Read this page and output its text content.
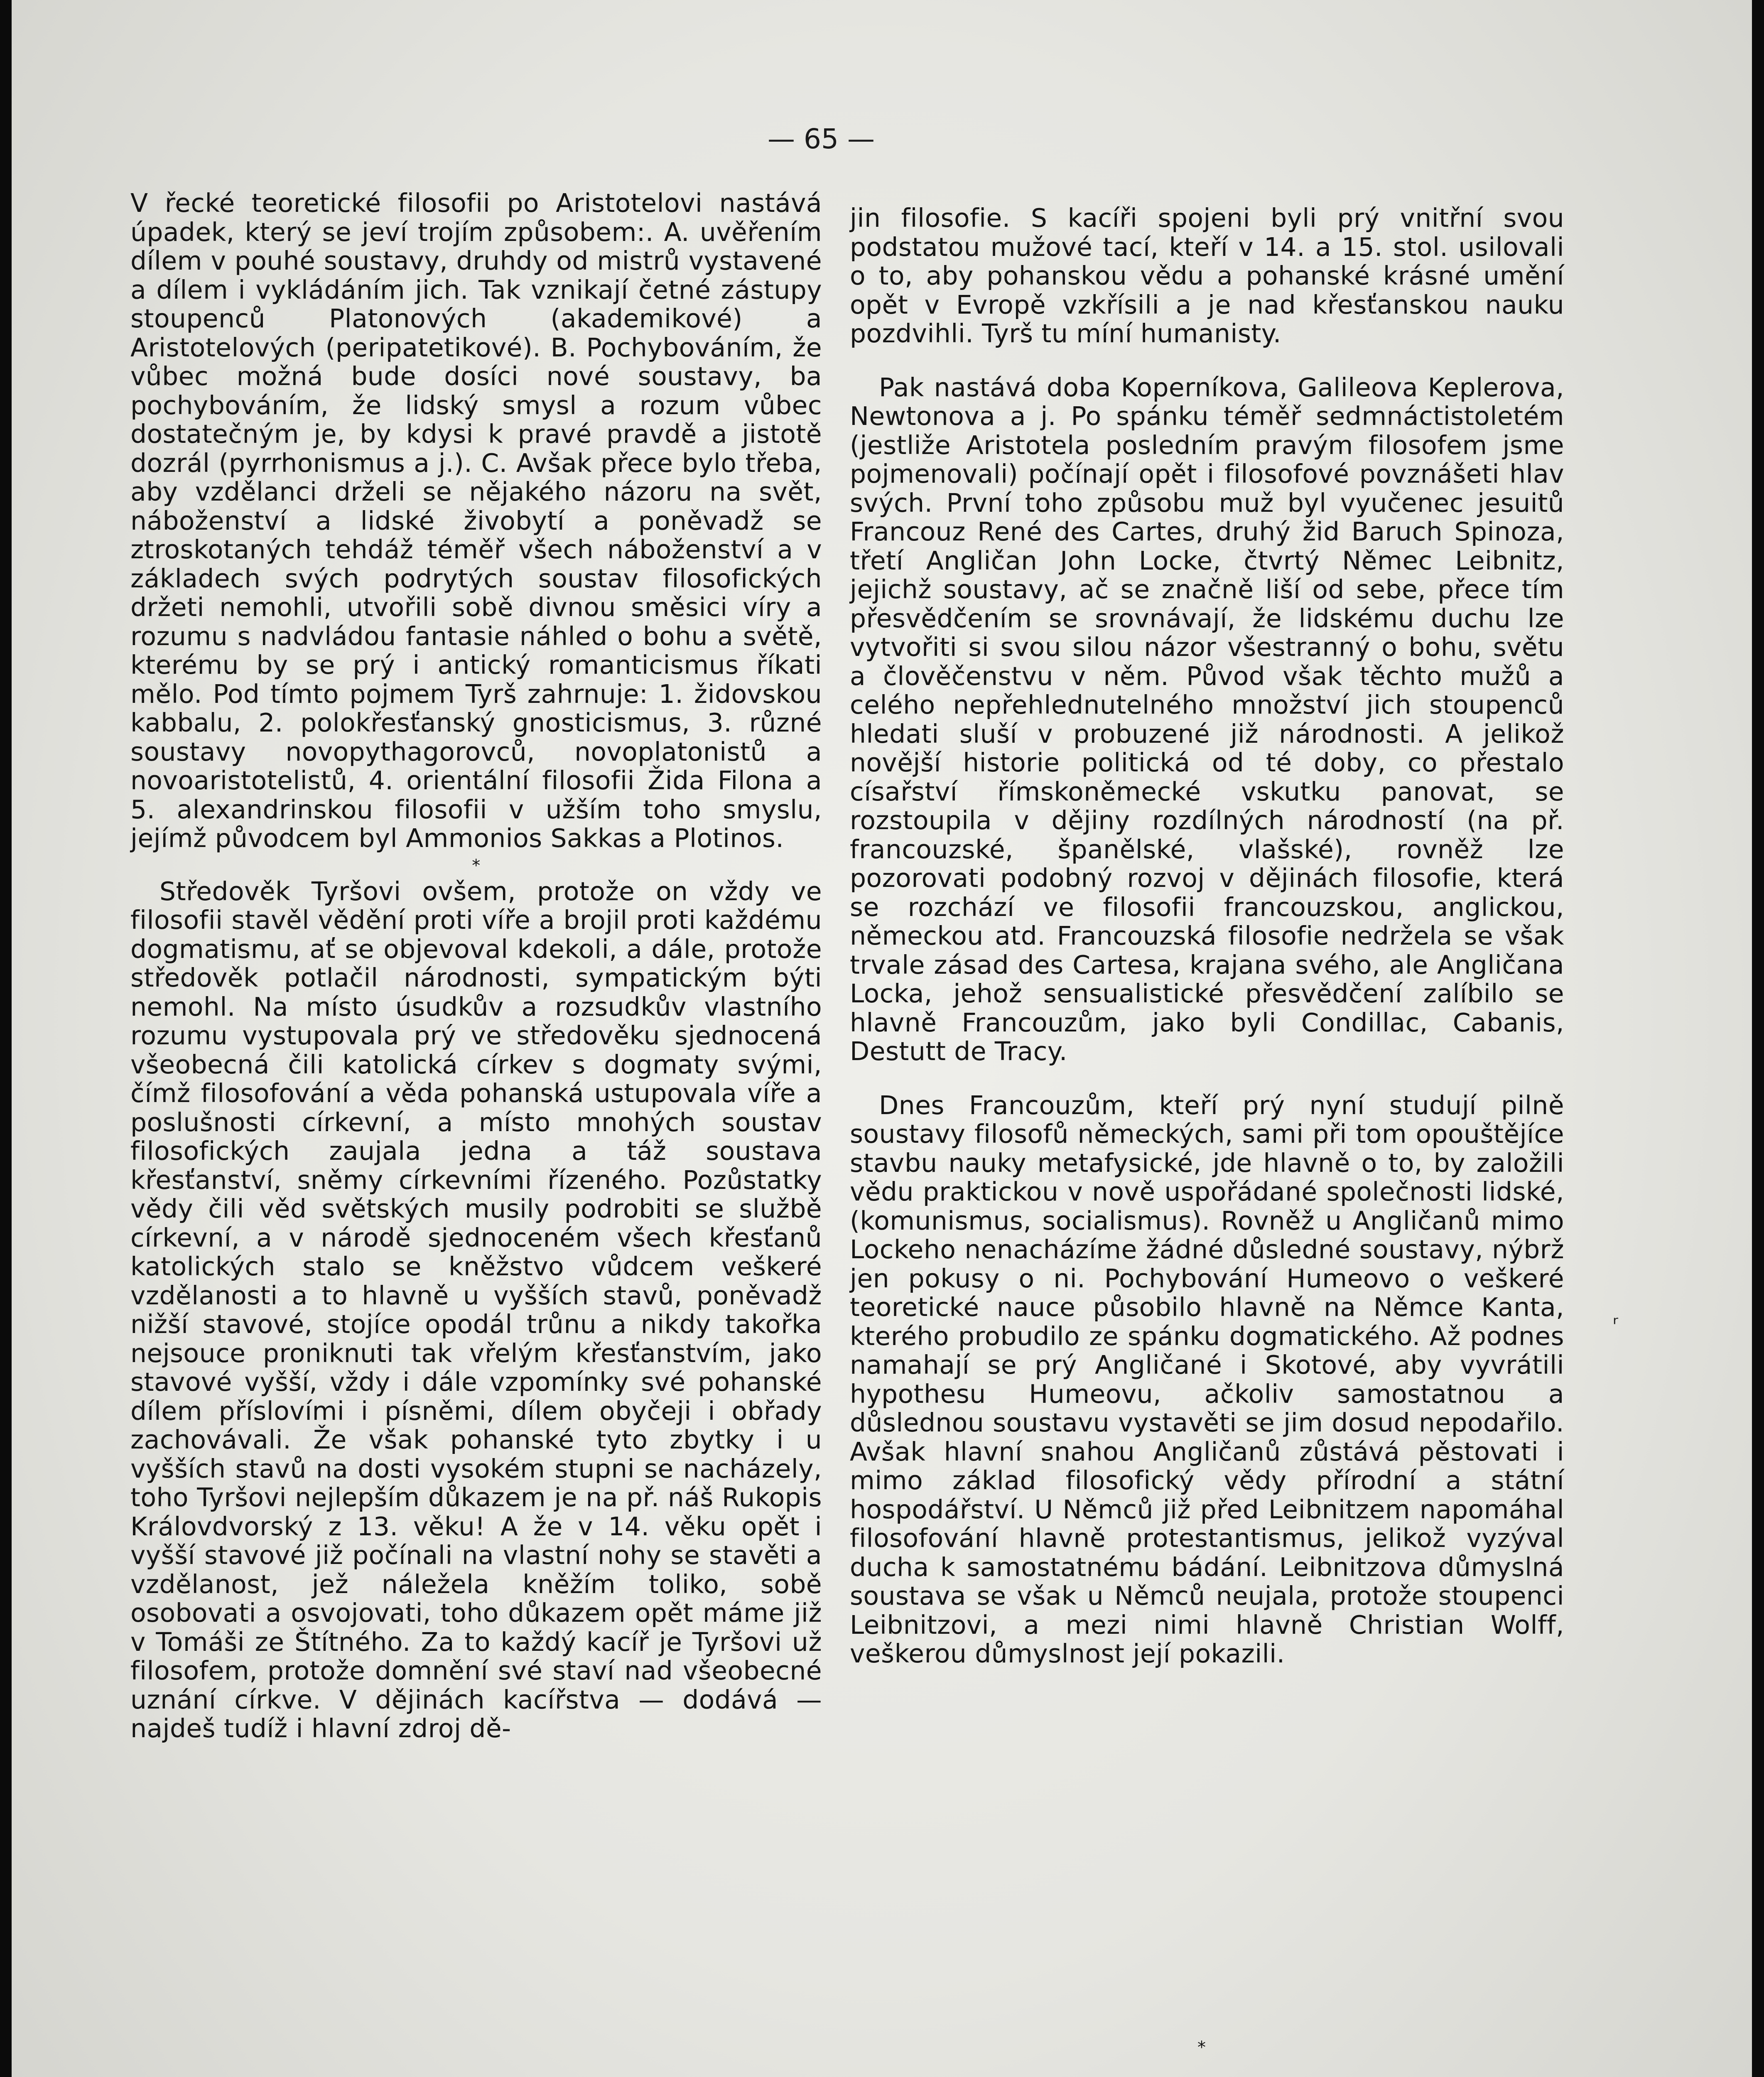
— 65 —

V řecké teoretické filosofii po Aristotelovi nastává úpadek, který se jeví trojím způsobem:. A. uvěřením dílem v pouhé soustavy, druhdy od mistrů vystavené a dílem i vykládáním jich. Tak vznikají četné zástupy stoupenců Platonových (akademikové) a Aristotelových (peripatetikové). B. Pochybováním, že vůbec možná bude dosíci nové soustavy, ba pochybováním, že lidský smysl a rozum vůbec dostatečným je, by kdysi k pravé pravdě a jistotě dozrál (pyrrhonismus a j.). C. Avšak přece bylo třeba, aby vzdělanci drželi se nějakého názoru na svět, náboženství a lidské živobytí a poněvadž se ztroskotaných tehdáž téměř všech náboženství a v základech svých podrytých soustav filosofických držeti nemohli, utvořili sobě divnou směsici víry a rozumu s nadvládou fantasie náhled o bohu a světě, kterému by se prý i antický romanticismus říkati mělo. Pod tímto pojmem Tyrš zahrnuje: 1. židovskou kabbalu, 2. polokřesťanský gnosticismus, 3. různé soustavy novopythagorovců, novoplatonistů a novoaristotelistů, 4. orientální filosofii Žida Filona a 5. alexandrinskou filosofii v užším toho smyslu, jejímž původcem byl Ammonios Sakkas a Plotinos.

*

Středověk Tyršovi ovšem, protože on vždy ve filosofii stavěl vědění proti víře a brojil proti každému dogmatismu, ať se objevoval kdekoli, a dále, protože středověk potlačil národnosti, sympatickým býti nemohl. Na místo úsudkův a rozsudkův vlastního rozumu vystupovala prý ve středověku sjednocená všeobecná čili katolická církev s dogmaty svými, čímž filosofování a věda pohanská ustupovala víře a poslušnosti církevní, a místo mnohých soustav filosofických zaujala jedna a táž soustava křesťanství, sněmy církevními řízeného. Pozůstatky vědy čili věd světských musily podrobiti se službě církevní, a v národě sjednoceném všech křesťanů katolických stalo se kněžstvo vůdcem veškeré vzdělanosti a to hlavně u vyšších stavů, poněvadž nižší stavové, stojíce opodál trůnu a nikdy takořka nejsouce proniknuti tak vřelým křesťanstvím, jako stavové vyšší, vždy i dále vzpomínky své pohanské dílem příslovími i písněmi, dílem obyčeji i obřady zachovávali. Že však pohanské tyto zbytky i u vyšších stavů na dosti vysokém stupni se nacházely, toho Tyršovi nejlepším důkazem je na př. náš Rukopis Královdvorský z 13. věku! A že v 14. věku opět i vyšší stavové již počínali na vlastní nohy se stavěti a vzdělanost, jež náležela kněžím toliko, sobě osobovati a osvojovati, toho důkazem opět máme již v Tomáši ze Štítného. Za to každý kacíř je Tyršovi už filosofem, protože domnění své staví nad všeobecné uznání církve. V dějinách kacířstva — dodává — najdeš tudíž i hlavní zdroj dě-

jin filosofie. S kacíři spojeni byli prý vnitřní svou podstatou mužové tací, kteří v 14. a 15. stol. usilovali o to, aby pohanskou vědu a pohanské krásné umění opět v Evropě vzkřísili a je nad křesťanskou nauku pozdvihli. Tyrš tu míní humanisty.

Pak nastává doba Koperníkova, Galileova Keplerova, Newtonova a j. Po spánku téměř sedmnáctistoletém (jestliže Aristotela posledním pravým filosofem jsme pojmenovali) počínají opět i filosofové povznášeti hlav svých. První toho způsobu muž byl vyučenec jesuitů Francouz René des Cartes, druhý žid Baruch Spinoza, třetí Angličan John Locke, čtvrtý Němec Leibnitz, jejichž soustavy, ač se značně liší od sebe, přece tím přesvědčením se srovnávají, že lidskému duchu lze vytvořiti si svou silou názor všestranný o bohu, světu a člověčenstvu v něm. Původ však těchto mužů a celého nepřehlednutelného množství jich stoupenců hledati sluší v probuzené již národnosti. A jelikož novější historie politická od té doby, co přestalo císařství římskoněmecké vskutku panovat, se rozstoupila v dějiny rozdílných národností (na př. francouzské, španělské, vlašské), rovněž lze pozorovati podobný rozvoj v dějinách filosofie, která se rozchází ve filosofii francouzskou, anglickou, německou atd. Francouzská filosofie nedržela se však trvale zásad des Cartesa, krajana svého, ale Angličana Locka, jehož sensualistické přesvědčení zalíbilo se hlavně Francouzům, jako byli Condillac, Cabanis, Destutt de Tracy.

Dnes Francouzům, kteří prý nyní studují pilně soustavy filosofů německých, sami při tom opouštějíce stavbu nauky metafysické, jde hlavně o to, by založili vědu praktickou v nově uspořádané společnosti lidské, (komunismus, socialismus). Rovněž u Angličanů mimo Lockeho nenacházíme žádné důsledné soustavy, nýbrž jen pokusy o ni. Pochybování Humeovo o veškeré teoretické nauce působilo hlavně na Němce Kanta, kterého probudilo ze spánku dogmatického. Až podnes namahají se prý Angličané i Skotové, aby vyvrátili hypothesu Humeovu, ačkoliv samostatnou a důslednou soustavu vystavěti se jim dosud nepodařilo. Avšak hlavní snahou Angličanů zůstává pěstovati i mimo základ filosofický vědy přírodní a státní hospodářství. U Němců již před Leibnitzem napomáhal filosofování hlavně protestantismus, jelikož vyzýval ducha k samostatnému bádání. Leibnitzova důmyslná soustava se však u Němců neujala, protože stoupenci Leibnitzovi, a mezi nimi hlavně Christian Wolff, veškerou důmyslnost její pokazili.

*
ʳ
